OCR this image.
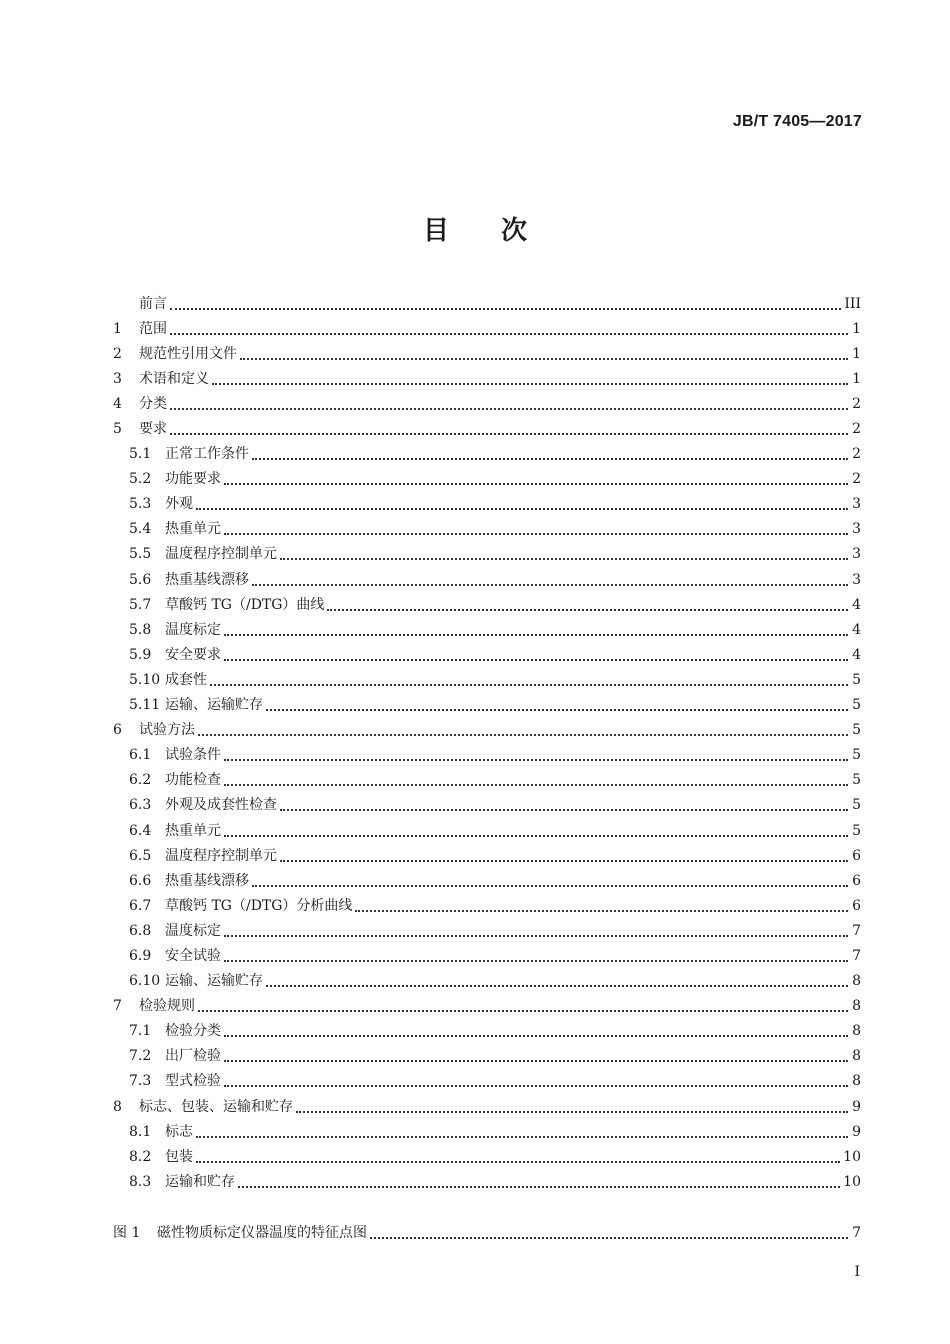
JB/T 7405—2017
目次
前言	III
1	范围	1
2	规范性引用文件	1
3	术语和定义	1
4	分类	2
5	要求	2
5.1 正常工作条件	2
5.2 功能要求	2
5.3 外观	3
5.4 热重单元	3
5.5 温度程序控制单元	3
5.6 热重基线漂移	3
5.7 草酸钙 TG（/DTG）曲线	4
5.8 温度标定	4
5.9 安全要求	4
5.10 成套性	5
5.11 运输、运输贮存	5
6	试验方法	5
6.1 试验条件	5
6.2 功能检查	5
6.3 外观及成套性检查	5
6.4 热重单元	5
6.5 温度程序控制单元	6
6.6 热重基线漂移	6
6.7 草酸钙 TG（/DTG）分析曲线	6
6.8 温度标定	7
6.9 安全试验	7
6.10 运输、运输贮存	8
7	检验规则	8
7.1 检验分类	8
7.2 出厂检验	8
7.3 型式检验	8
8	标志、包装、运输和贮存	9
8.1 标志	9
8.2 包装	10
8.3 运输和贮存	10
图 1	磁性物质标定仪器温度的特征点图	7
I
